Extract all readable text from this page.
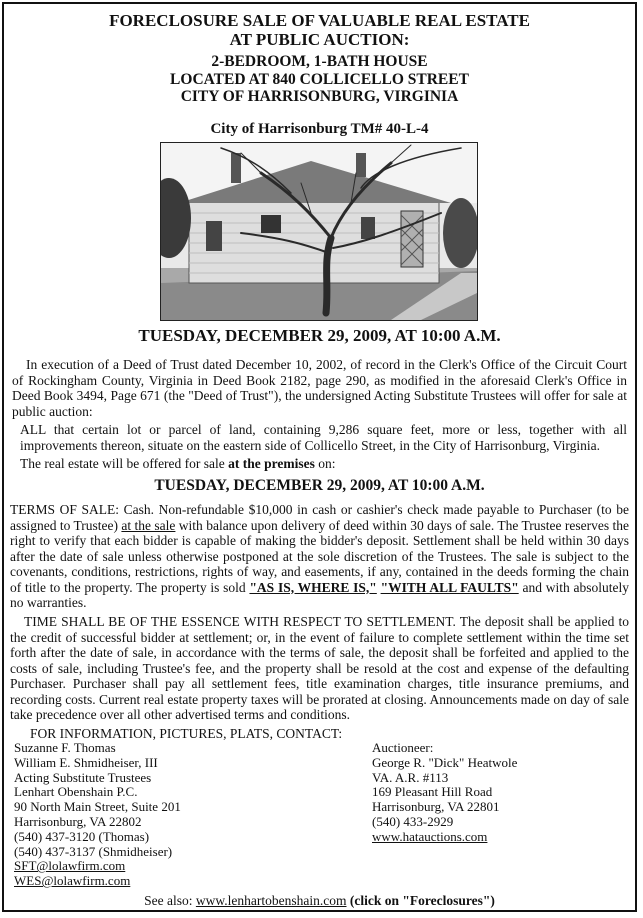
FORECLOSURE SALE OF VALUABLE REAL ESTATE
AT PUBLIC AUCTION:
2-BEDROOM, 1-BATH HOUSE
LOCATED AT 840 COLLICELLO STREET
CITY OF HARRISONBURG, VIRGINIA
City of Harrisonburg TM# 40-L-4
TUESDAY, DECEMBER 29, 2009, AT 10:00 A.M.
In execution of a Deed of Trust dated December 10, 2002, of record in the Clerk's Office of the Circuit Court of Rockingham County, Virginia in Deed Book 2182, page 290, as modified in the aforesaid Clerk's Office in Deed Book 3494, Page 671 (the "Deed of Trust"), the undersigned Acting Substitute Trustees will offer for sale at public auction:
ALL that certain lot or parcel of land, containing 9,286 square feet, more or less, together with all improvements thereon, situate on the eastern side of Collicello Street, in the City of Harrisonburg, Virginia.
The real estate will be offered for sale at the premises on:
TUESDAY, DECEMBER 29, 2009, AT 10:00 A.M.
TERMS OF SALE: Cash. Non-refundable $10,000 in cash or cashier's check made payable to Purchaser (to be assigned to Trustee) at the sale with balance upon delivery of deed within 30 days of sale. The Trustee reserves the right to verify that each bidder is capable of making the bidder's deposit. Settlement shall be held within 30 days after the date of sale unless otherwise postponed at the sole discretion of the Trustees. The sale is subject to the covenants, conditions, restrictions, rights of way, and easements, if any, contained in the deeds forming the chain of title to the property. The property is sold "AS IS, WHERE IS," "WITH ALL FAULTS" and with absolutely no warranties.
TIME SHALL BE OF THE ESSENCE WITH RESPECT TO SETTLEMENT. The deposit shall be applied to the credit of successful bidder at settlement; or, in the event of failure to complete settlement within the time set forth after the date of sale, in accordance with the terms of sale, the deposit shall be forfeited and applied to the costs of sale, including Trustee's fee, and the property shall be resold at the cost and expense of the defaulting Purchaser. Purchaser shall pay all settlement fees, title examination charges, title insurance premiums, and recording costs. Current real estate property taxes will be prorated at closing. Announcements made on day of sale take precedence over all other advertised terms and conditions.
FOR INFORMATION, PICTURES, PLATS, CONTACT:
Suzanne F. Thomas
William E. Shmidheiser, III
Acting Substitute Trustees
Lenhart Obenshain P.C.
90 North Main Street, Suite 201
Harrisonburg, VA 22802
(540) 437-3120 (Thomas)
(540) 437-3137 (Shmidheiser)
SFT@lolawfirm.com
WES@lolawfirm.com
Auctioneer:
George R. "Dick" Heatwole
VA. A.R. #113
169 Pleasant Hill Road
Harrisonburg, VA 22801
(540) 433-2929
www.hatauctions.com
See also: www.lenhartobenshain.com (click on "Foreclosures")
